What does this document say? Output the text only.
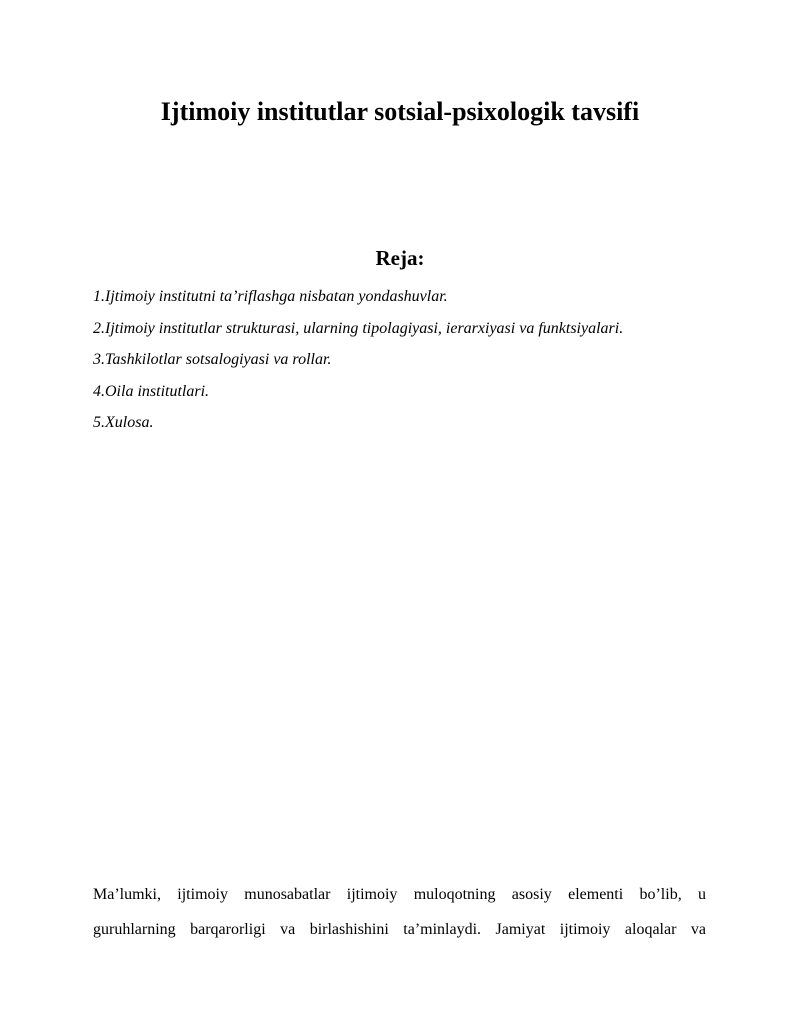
Ijtimoiy institutlar sotsial-psixologik tavsifi
Reja:
1.Ijtimoiy institutni ta’riflashga nisbatan yondashuvlar.
2.Ijtimoiy institutlar strukturasi, ularning tipolagiyasi, ierarxiyasi va funktsiyalari.
3.Tashkilotlar sotsalogiyasi va rollar.
4.Oila institutlari.
5.Xulosa.

Ma’lumki, ijtimoiy munosabatlar ijtimoiy muloqotning asosiy elementi bo’lib, u
guruhlarning barqarorligi va birlashishini ta’minlaydi. Jamiyat ijtimoiy aloqalar va
